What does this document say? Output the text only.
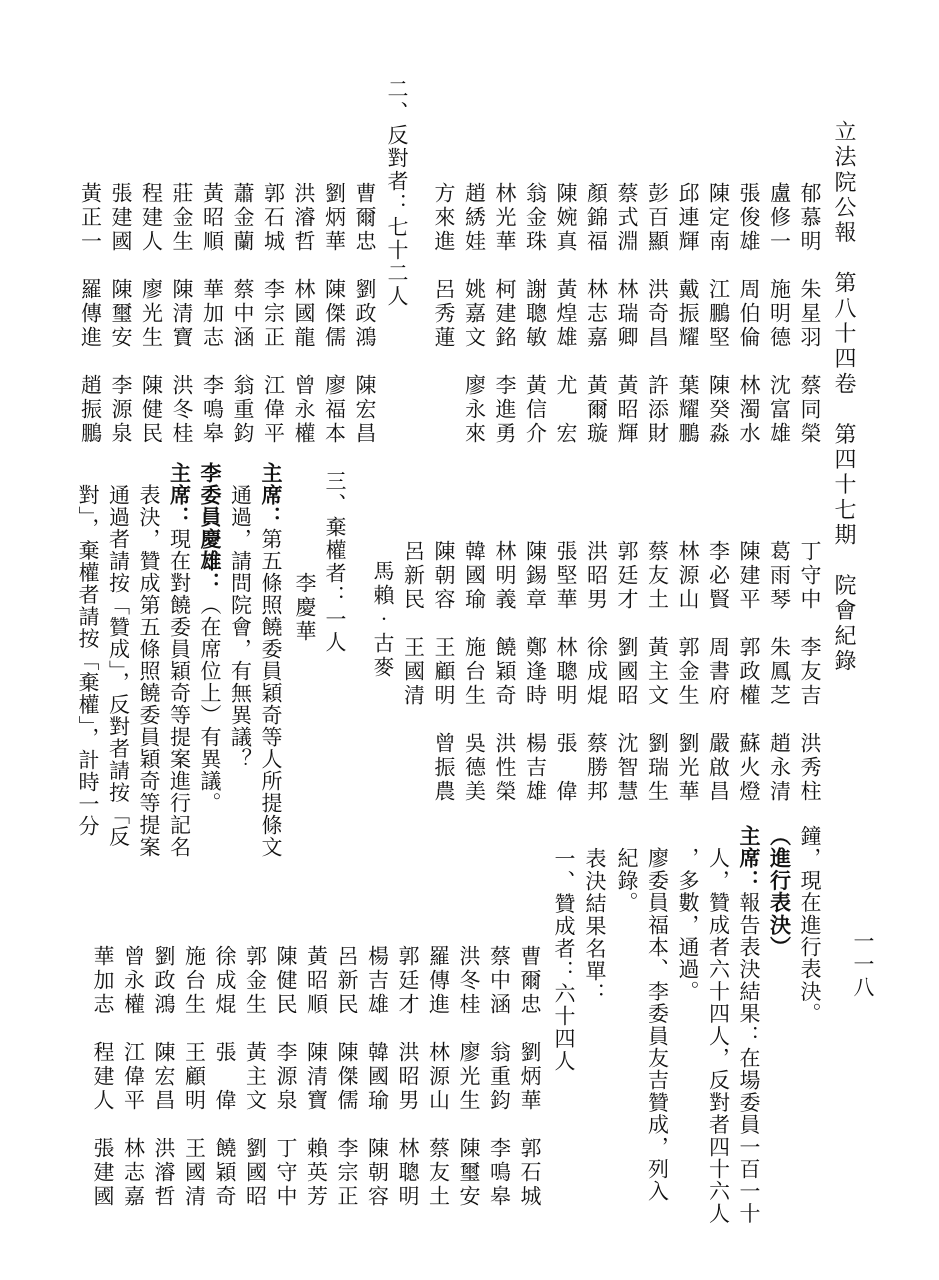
立法院公報　第八十四卷　第四十七期　院會紀錄
一一八
郁慕明　朱星羽　蔡同榮
盧修一　施明德　沈富雄
張俊雄　周伯倫　林濁水
陳定南　江鵬堅　陳癸淼
邱連輝　戴振耀　葉耀鵬
彭百顯　洪奇昌　許添財
蔡式淵　林瑞卿　黃昭輝
顏錦福　林志嘉　黃爾璇
陳婉真　黃煌雄　尤　宏
翁金珠　謝聰敏　黃信介
林光華　柯建銘　李進勇
趙綉娃　姚嘉文　廖永來
方來進　呂秀蓮
二、反對者：七十二人
曹爾忠　劉政鴻　陳宏昌
劉炳華　陳傑儒　廖福本
洪濬哲　林國龍　曾永權
郭石城　李宗正　江偉平
蕭金蘭　蔡中涵　翁重鈞
黃昭順　華加志　李鳴皋
莊金生　陳清寶　洪冬桂
程建人　廖光生　陳健民
張建國　陳璽安　李源泉
黃正一　羅傳進　趙振鵬
丁守中　李友吉　洪秀柱
葛雨琴　朱鳳芝　趙永清
陳建平　郭政權　蘇火燈
李必賢　周書府　嚴啟昌
林源山　郭金生　劉光華
蔡友土　黃主文　劉瑞生
郭廷才　劉國昭　沈智慧
洪昭男　徐成焜　蔡勝邦
張堅華　林聰明　張　偉
陳錫章　鄭逢時　楊吉雄
林明義　饒穎奇　洪性榮
韓國瑜　施台生　吳德美
陳朝容　王顧明　曾振農
呂新民　王國清
馬賴‧古麥
三、棄權者：一人
李慶華
主席：第五條照饒委員穎奇等人所提條文
　通過，請問院會，有無異議？
李委員慶雄：（在席位上）有異議。
主席：現在對饒委員穎奇等提案進行記名
　表決，贊成第五條照饒委員穎奇等提案
　通過者請按「贊成」，反對者請按「反
　對」，棄權者請按「棄權」，計時一分
鐘，現在進行表決。
（進行表決）
主席：報告表決結果：在場委員一百一十
　人，贊成者六十四人，反對者四十六人
　，多數，通過。
　廖委員福本、李委員友吉贊成，列入
　紀錄。
　表決結果名單：
　一、贊成者：六十四人
曹爾忠　劉炳華　郭石城
蔡中涵　翁重鈞　李鳴皋
洪冬桂　廖光生　陳璽安
羅傳進　林源山　蔡友土
郭廷才　洪昭男　林聰明
楊吉雄　韓國瑜　陳朝容
呂新民　陳傑儒　李宗正
黃昭順　陳清寶　賴英芳
陳健民　李源泉　丁守中
郭金生　黃主文　劉國昭
徐成焜　張　偉　饒穎奇
施台生　王顧明　王國清
劉政鴻　陳宏昌　洪濬哲
曾永權　江偉平　林志嘉
華加志　程建人　張建國
